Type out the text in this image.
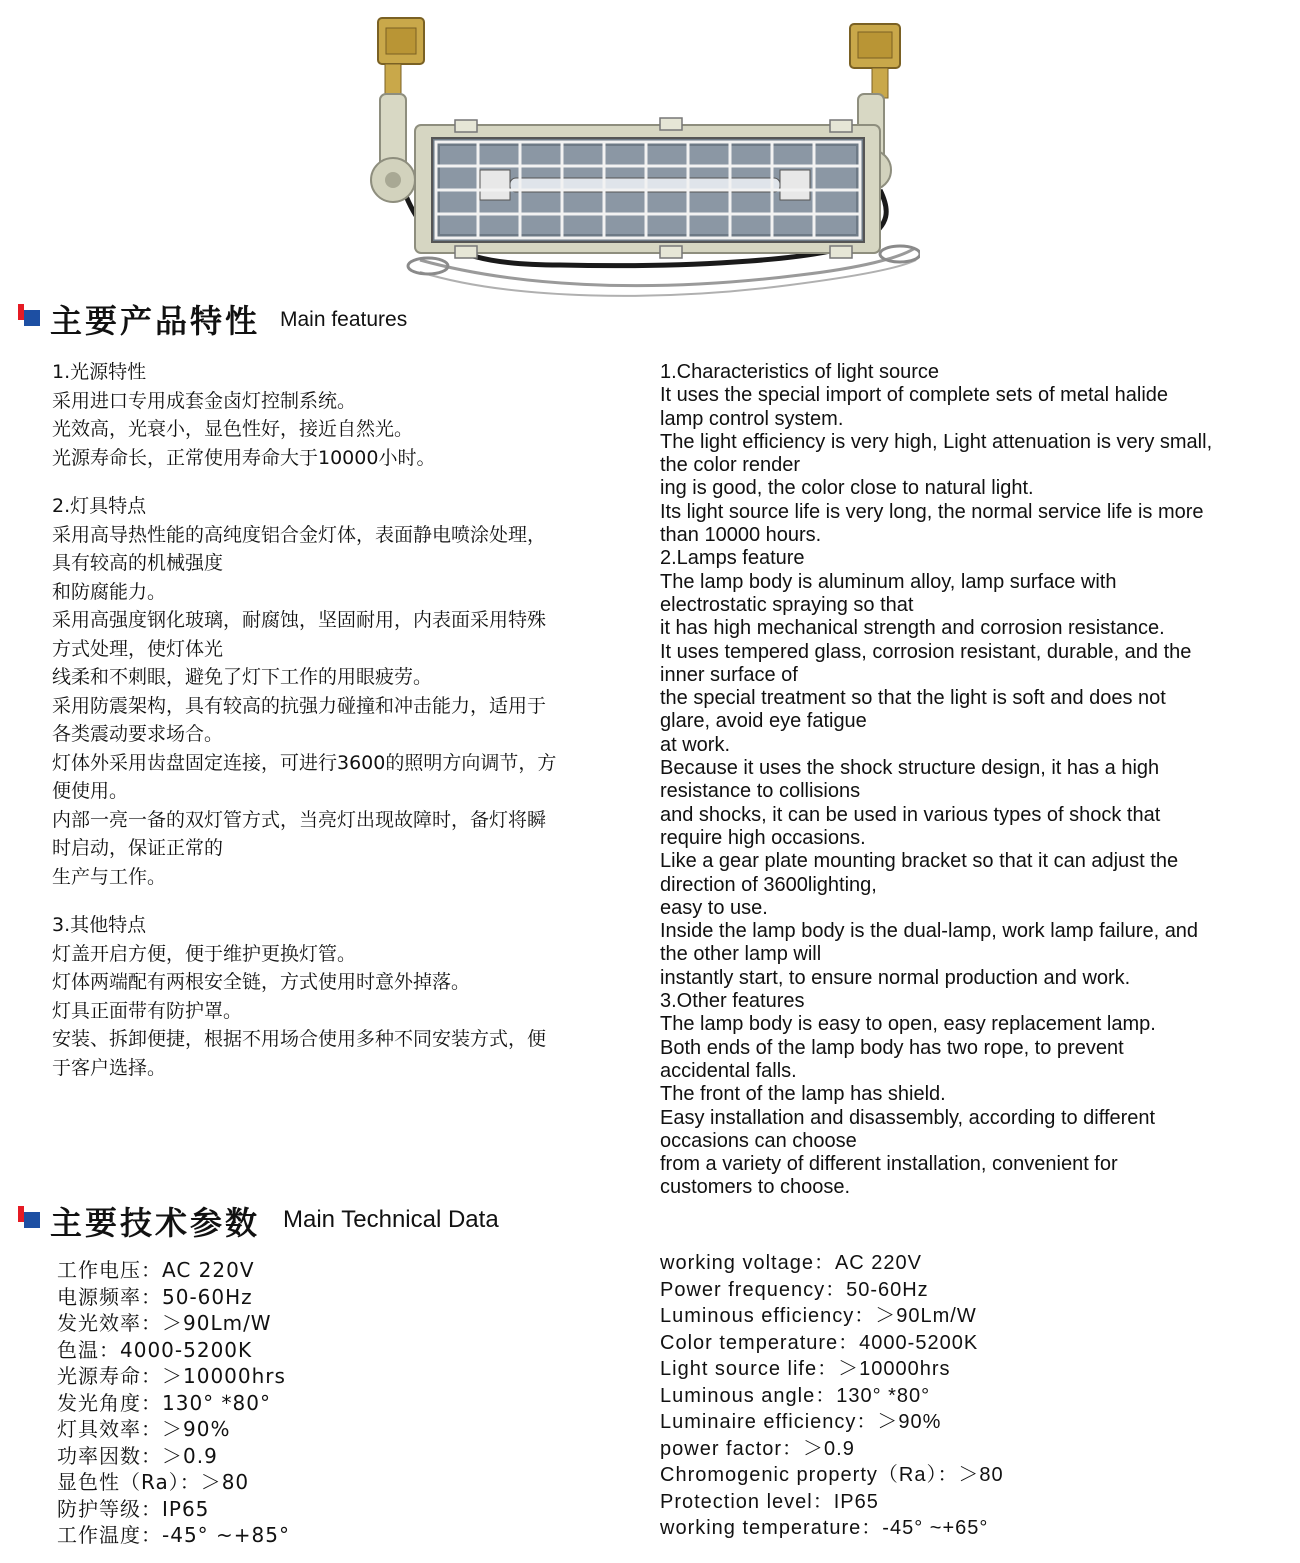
主要产品特性 Main features
1.光源特性
采用进口专用成套金卤灯控制系统。
光效高，光衰小，显色性好，接近自然光。
光源寿命长，正常使用寿命大于10000小时。
2.灯具特点
采用高导热性能的高纯度铝合金灯体，表面静电喷涂处理，
具有较高的机械强度
和防腐能力。
采用高强度钢化玻璃，耐腐蚀，坚固耐用，内表面采用特殊
方式处理，使灯体光
线柔和不刺眼，避免了灯下工作的用眼疲劳。
采用防震架构，具有较高的抗强力碰撞和冲击能力，适用于
各类震动要求场合。
灯体外采用齿盘固定连接，可进行3600的照明方向调节，方
便使用。
内部一亮一备的双灯管方式，当亮灯出现故障时，备灯将瞬
时启动，保证正常的
生产与工作。
3.其他特点
灯盖开启方便，便于维护更换灯管。
灯体两端配有两根安全链，方式使用时意外掉落。
灯具正面带有防护罩。
安装、拆卸便捷，根据不用场合使用多种不同安装方式，便
于客户选择。
1.Characteristics of light source
It uses the special import of complete sets of metal halide
lamp control system.
The light efficiency is very high, Light attenuation is very small,
the color render
ing is good, the color close to natural light.
Its light source life is very long, the normal service life is more
than 10000 hours.
2.Lamps feature
The lamp body is aluminum alloy, lamp surface with
electrostatic spraying so that
it has high mechanical strength and corrosion resistance.
It uses tempered glass, corrosion resistant, durable, and the
inner surface of
the special treatment so that the light is soft and does not
glare, avoid eye fatigue
at work.
Because it uses the shock structure design, it has a high
resistance to collisions
and shocks, it can be used in various types of shock that
require high occasions.
Like a gear plate mounting bracket so that it can adjust the
direction of 3600lighting,
easy to use.
Inside the lamp body is the dual-lamp, work lamp failure, and
the other lamp will
instantly start, to ensure normal production and work.
3.Other features
The lamp body is easy to open, easy replacement lamp.
Both ends of the lamp body has two rope, to prevent
accidental falls.
The front of the lamp has shield.
Easy installation and disassembly, according to different
occasions can choose
from a variety of different installation, convenient for
customers to choose.
主要技术参数 Main Technical Data
工作电压：AC 220V
电源频率：50-60Hz
发光效率：＞90Lm/W
色温：4000-5200K
光源寿命：＞10000hrs
发光角度：130° *80°
灯具效率：＞90%
功率因数：＞0.9
显色性（Ra）：＞80
防护等级：IP65
工作温度：-45° ~+85°
working voltage：AC 220V
Power frequency：50-60Hz
Luminous efficiency：＞90Lm/W
Color temperature：4000-5200K
Light source life：＞10000hrs
Luminous angle：130° *80°
Luminaire efficiency：＞90%
power factor：＞0.9
Chromogenic property（Ra）：＞80
Protection level：IP65
working temperature：-45° ~+65°
